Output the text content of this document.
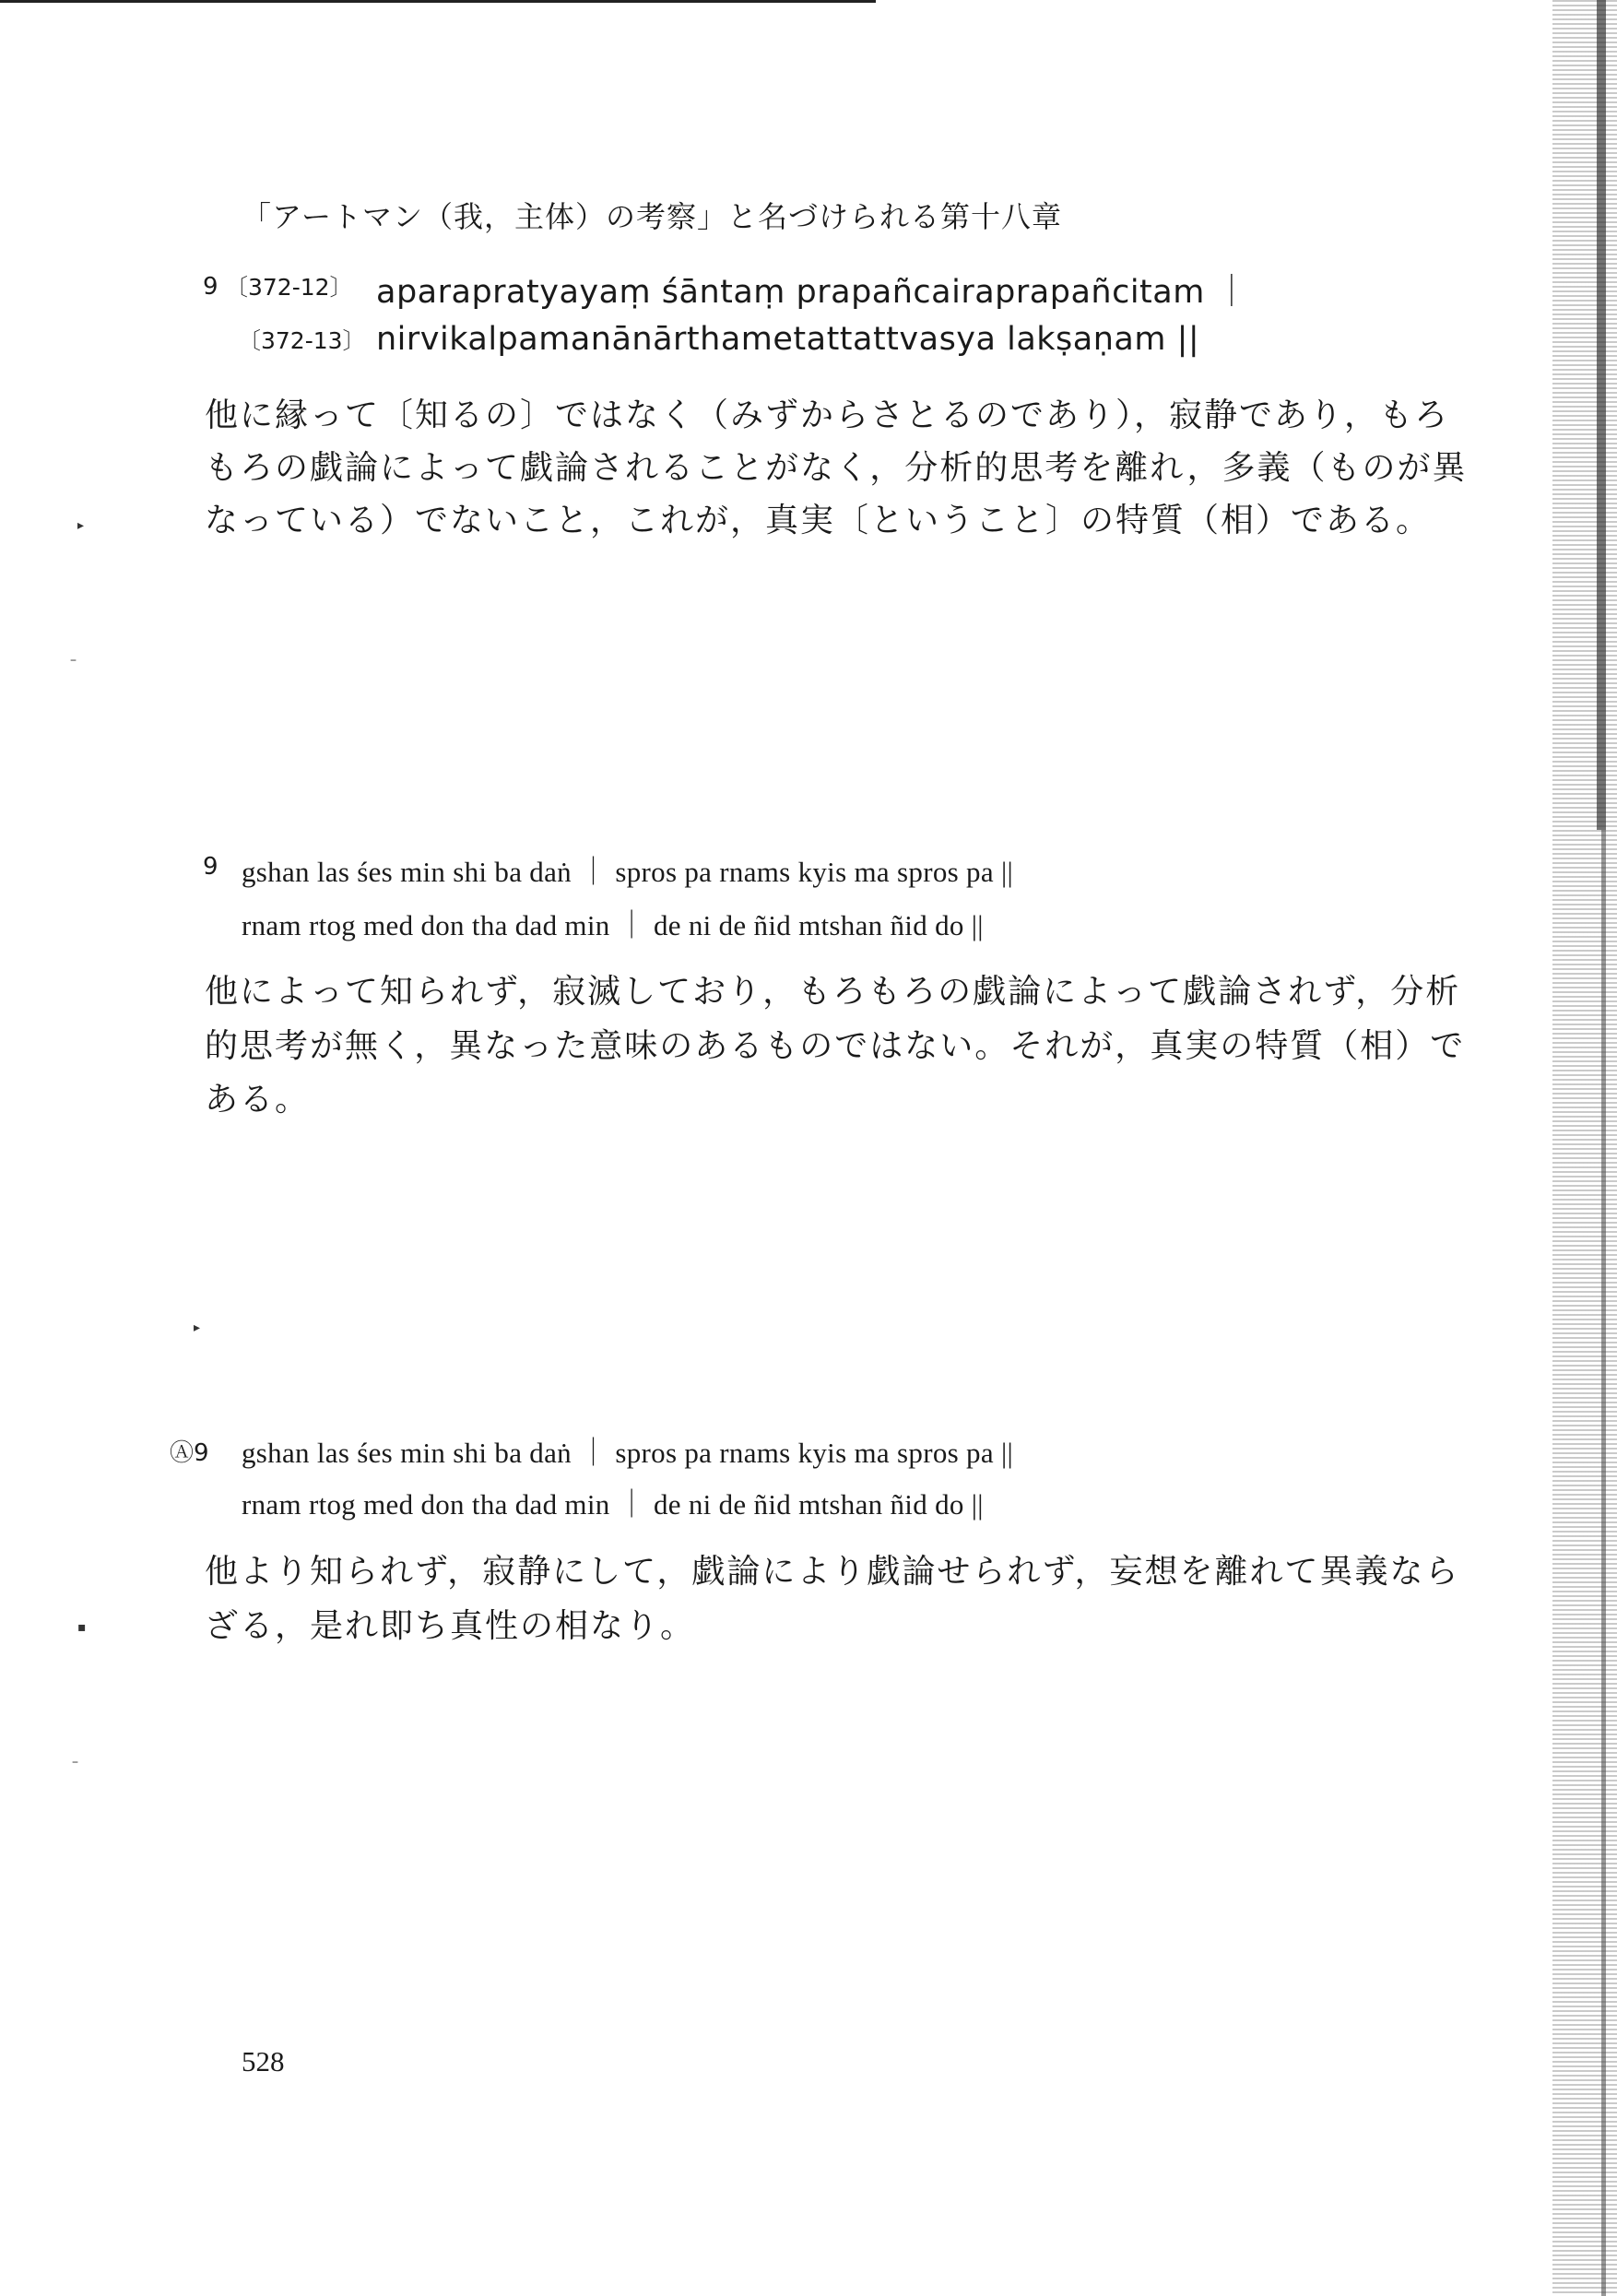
「アートマン（我，主体）の考察」と名づけられる第十八章
9 〔372-12〕 aparapratyayaṃ śāntaṃ prapañcairaprapañcitam ｜
〔372-13〕 nirvikalpamanānārthametattattvasya lakṣaṇam ||
他に縁って〔知るの〕ではなく（みずからさとるのであり），寂静であり，もろ
もろの戯論によって戯論されることがなく，分析的思考を離れ，多義（ものが異
なっている）でないこと，これが，真実〔ということ〕の特質（相）である。
9 gshan las śes min shi ba daṅ ｜ spros pa rnams kyis ma spros pa ||
rnam rtog med don tha dad min ｜ de ni de ñid mtshan ñid do ||
他によって知られず，寂滅しており，もろもろの戯論によって戯論されず，分析
的思考が無く，異なった意味のあるものではない。それが，真実の特質（相）で
ある。
Ⓐ9 gshan las śes min shi ba daṅ ｜ spros pa rnams kyis ma spros pa ||
rnam rtog med don tha dad min ｜ de ni de ñid mtshan ñid do ||
他より知られず，寂静にして，戯論により戯論せられず，妄想を離れて異義なら
ざる，是れ即ち真性の相なり。
▸
–
▸
▪
–
528
